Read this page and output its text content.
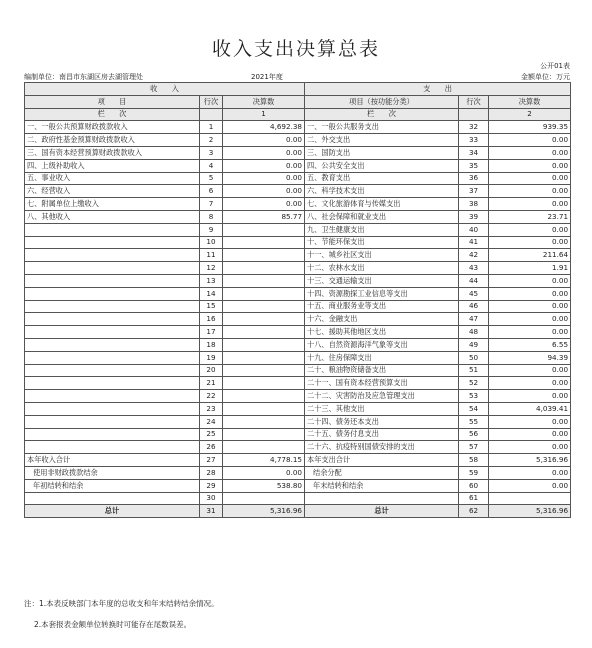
收入支出决算总表
公开01表
编制单位：南昌市东湖区房去湖管理处	2021年度	金额单位：万元
收　　入			支　　出		
项　　目	行次	决算数	项目（按功能分类）	行次	决算数
栏　　次		1	栏　　次		2
一、一般公共预算财政拨款收入	1	4,692.38	一、一般公共服务支出	32	939.35
二、政府性基金预算财政拨款收入	2	0.00	二、外交支出	33	0.00
三、国有资本经营预算财政拨款收入	3	0.00	三、国防支出	34	0.00
四、上级补助收入	4	0.00	四、公共安全支出	35	0.00
五、事业收入	5	0.00	五、教育支出	36	0.00
六、经营收入	6	0.00	六、科学技术支出	37	0.00
七、附属单位上缴收入	7	0.00	七、文化旅游体育与传媒支出	38	0.00
八、其他收入	8	85.77	八、社会保障和就业支出	39	23.71
	9		九、卫生健康支出	40	0.00
	10		十、节能环保支出	41	0.00
	11		十一、城乡社区支出	42	211.64
	12		十二、农林水支出	43	1.91
	13		十三、交通运输支出	44	0.00
	14		十四、资源勘探工业信息等支出	45	0.00
	15		十五、商业服务业等支出	46	0.00
	16		十六、金融支出	47	0.00
	17		十七、援助其他地区支出	48	0.00
	18		十八、自然资源海洋气象等支出	49	6.55
	19		十九、住房保障支出	50	94.39
	20		二十、粮油物资储备支出	51	0.00
	21		二十一、国有资本经营预算支出	52	0.00
	22		二十二、灾害防治及应急管理支出	53	0.00
	23		二十三、其他支出	54	4,039.41
	24		二十四、债务还本支出	55	0.00
	25		二十五、债务付息支出	56	0.00
	26		二十六、抗疫特别国债安排的支出	57	0.00
本年收入合计	27	4,778.15	本年支出合计	58	5,316.96
使用非财政拨款结余	28	0.00	结余分配	59	0.00
年初结转和结余	29	538.80	年末结转和结余	60	0.00
	30			61	
总计	31	5,316.96	总计	62	5,316.96
注：1.本表反映部门本年度的总收支和年末结转结余情况。
2.本套报表金额单位转换时可能存在尾数误差。
